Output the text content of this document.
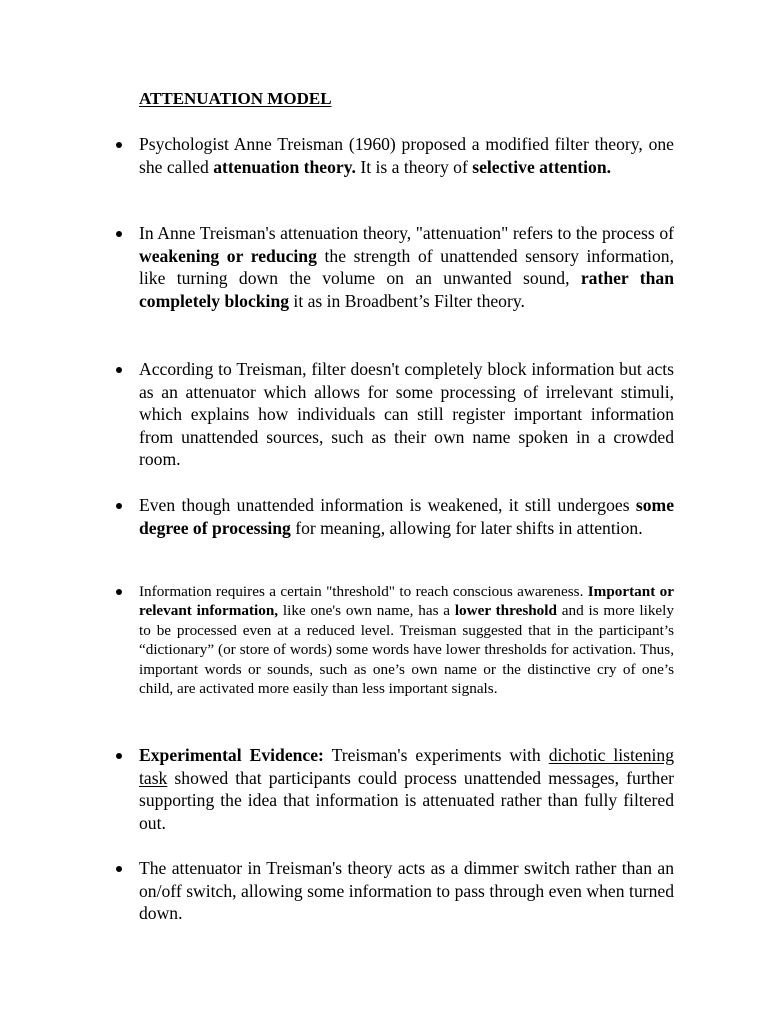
ATTENUATION MODEL

Psychologist Anne Treisman (1960) proposed a modified filter theory, one she called attenuation theory. It is a theory of selective attention.

In Anne Treisman's attenuation theory, "attenuation" refers to the process of weakening or reducing the strength of unattended sensory information, like turning down the volume on an unwanted sound, rather than completely blocking it as in Broadbent’s Filter theory.

According to Treisman, filter doesn't completely block information but acts as an attenuator which allows for some processing of irrelevant stimuli, which explains how individuals can still register important information from unattended sources, such as their own name spoken in a crowded room.

Even though unattended information is weakened, it still undergoes some degree of processing for meaning, allowing for later shifts in attention.

Information requires a certain "threshold" to reach conscious awareness. Important or relevant information, like one's own name, has a lower threshold and is more likely to be processed even at a reduced level. Treisman suggested that in the participant’s “dictionary” (or store of words) some words have lower thresholds for activation. Thus, important words or sounds, such as one’s own name or the distinctive cry of one’s child, are activated more easily than less important signals.

Experimental Evidence: Treisman's experiments with dichotic listening task showed that participants could process unattended messages, further supporting the idea that information is attenuated rather than fully filtered out.

The attenuator in Treisman's theory acts as a dimmer switch rather than an on/off switch, allowing some information to pass through even when turned down.
